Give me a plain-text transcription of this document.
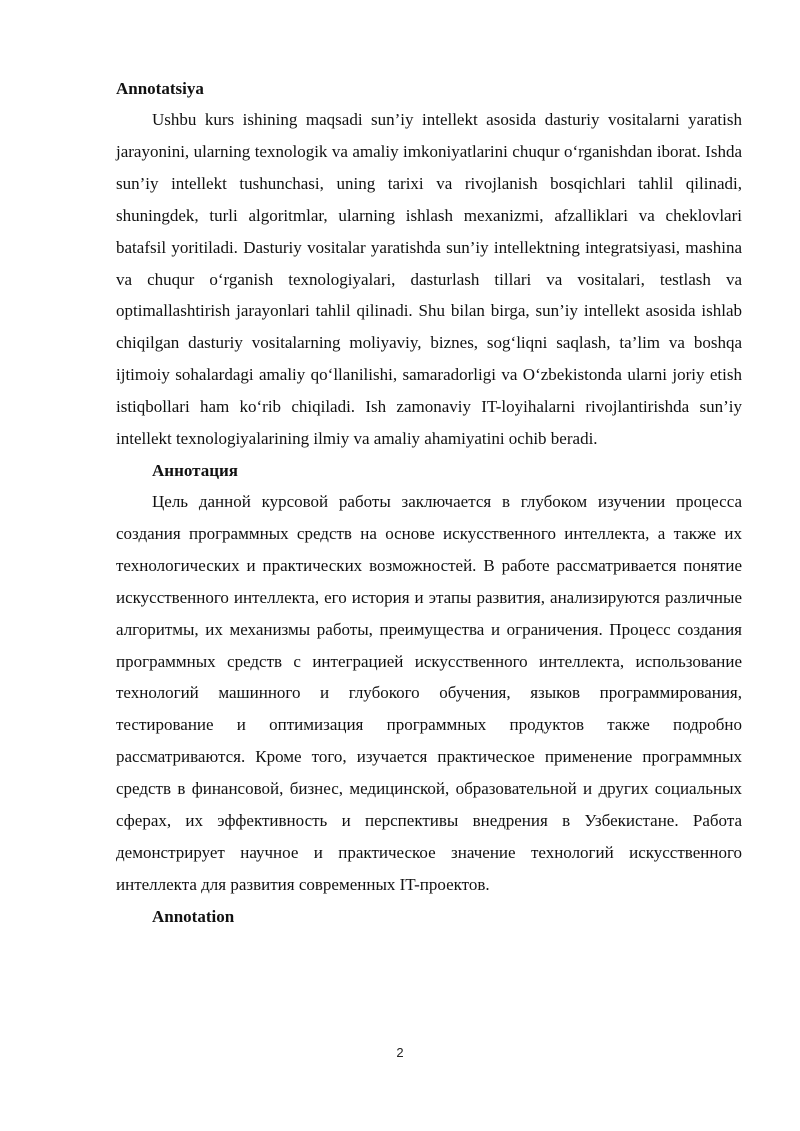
Annotatsiya

Ushbu kurs ishining maqsadi sun’iy intellekt asosida dasturiy vositalarni yaratish jarayonini, ularning texnologik va amaliy imkoniyatlarini chuqur o‘rganishdan iborat. Ishda sun’iy intellekt tushunchasi, uning tarixi va rivojlanish bosqichlari tahlil qilinadi, shuningdek, turli algoritmlar, ularning ishlash mexanizmi, afzalliklari va cheklovlari batafsil yoritiladi. Dasturiy vositalar yaratishda sun’iy intellektning integratsiyasi, mashina va chuqur o‘rganish texnologiyalari, dasturlash tillari va vositalari, testlash va optimallashtirish jarayonlari tahlil qilinadi. Shu bilan birga, sun’iy intellekt asosida ishlab chiqilgan dasturiy vositalarning moliyaviy, biznes, sog‘liqni saqlash, ta’lim va boshqa ijtimoiy sohalardagi amaliy qo‘llanilishi, samaradorligi va O‘zbekistonda ularni joriy etish istiqbollari ham ko‘rib chiqiladi. Ish zamonaviy IT-loyihalarni rivojlantirishda sun’iy intellekt texnologiyalarining ilmiy va amaliy ahamiyatini ochib beradi.

Аннотация

Цель данной курсовой работы заключается в глубоком изучении процесса создания программных средств на основе искусственного интеллекта, а также их технологических и практических возможностей. В работе рассматривается понятие искусственного интеллекта, его история и этапы развития, анализируются различные алгоритмы, их механизмы работы, преимущества и ограничения. Процесс создания программных средств с интеграцией искусственного интеллекта, использование технологий машинного и глубокого обучения, языков программирования, тестирование и оптимизация программных продуктов также подробно рассматриваются. Кроме того, изучается практическое применение программных средств в финансовой, бизнес, медицинской, образовательной и других социальных сферах, их эффективность и перспективы внедрения в Узбекистане. Работа демонстрирует научное и практическое значение технологий искусственного интеллекта для развития современных IT-проектов.

Annotation

2
